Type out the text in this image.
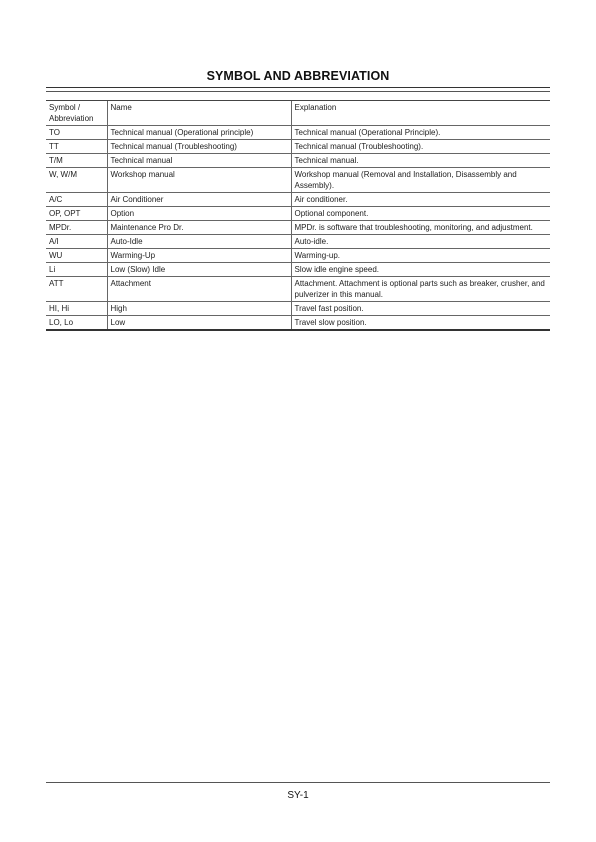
SYMBOL AND ABBREVIATION
Symbol / Abbreviation	Name	Explanation
TO	Technical manual (Operational principle)	Technical manual (Operational Principle).
TT	Technical manual (Troubleshooting)	Technical manual (Troubleshooting).
T/M	Technical manual	Technical manual.
W, W/M	Workshop manual	Workshop manual (Removal and Installation, Disassembly and Assembly).
A/C	Air Conditioner	Air conditioner.
OP, OPT	Option	Optional component.
MPDr.	Maintenance Pro Dr.	MPDr. is software that troubleshooting, monitoring, and adjustment.
A/I	Auto-Idle	Auto-idle.
WU	Warming-Up	Warming-up.
Li	Low (Slow) Idle	Slow idle engine speed.
ATT	Attachment	Attachment. Attachment is optional parts such as breaker, crusher, and pulverizer in this manual.
HI, Hi	High	Travel fast position.
LO, Lo	Low	Travel slow position.
SY-1
